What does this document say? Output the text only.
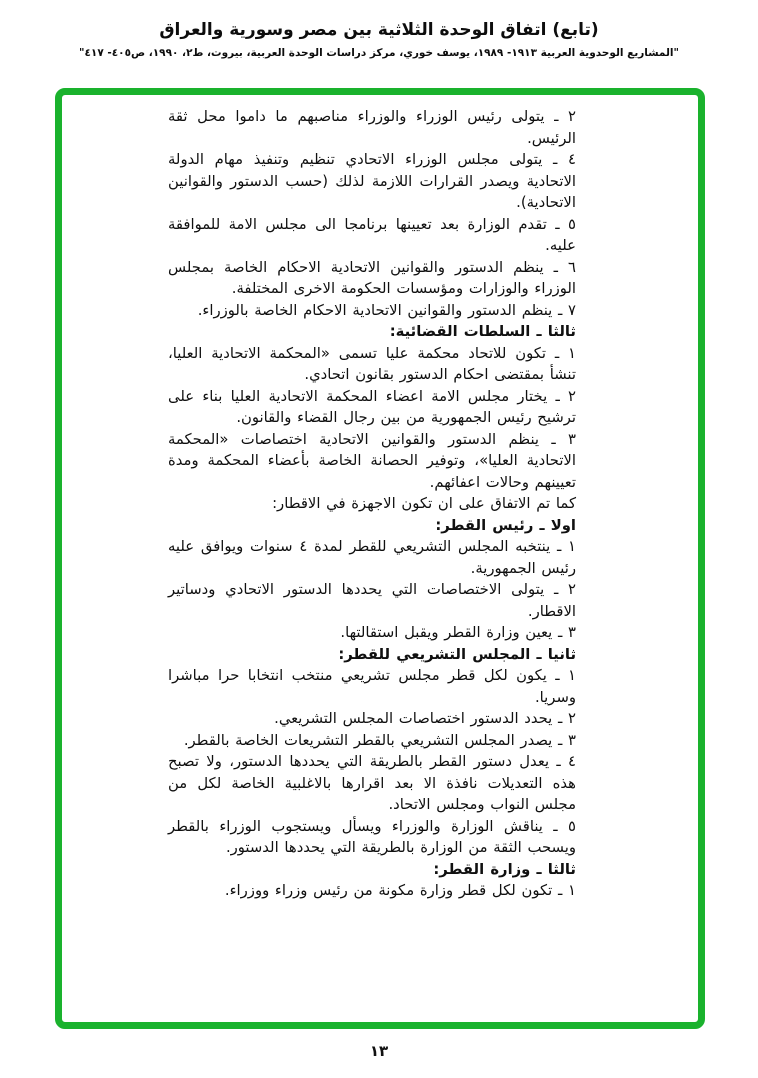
(تابع) اتفاق الوحدة الثلاثية بين مصر وسورية والعراق
"المشاريع الوحدوية العربية ١٩١٣- ١٩٨٩، يوسف خوري، مركز دراسات الوحدة العربية، بيروت، ط٢، ١٩٩٠، ص٤٠٥- ٤١٧"

٢ ـ يتولى رئيس الوزراء والوزراء مناصبهم ما داموا محل ثقة الرئيس.

٤ ـ يتولى مجلس الوزراء الاتحادي تنظيم وتنفيذ مهام الدولة الاتحادية ويصدر القرارات اللازمة لذلك (حسب الدستور والقوانين الاتحادية).

٥ ـ تقدم الوزارة بعد تعيينها برنامجا الى مجلس الامة للموافقة عليه.

٦ ـ ينظم الدستور والقوانين الاتحادية الاحكام الخاصة بمجلس الوزراء والوزارات ومؤسسات الحكومة الاخرى المختلفة.

٧ ـ ينظم الدستور والقوانين الاتحادية الاحكام الخاصة بالوزراء.

ثالثا ـ السلطات القضائية:

١ ـ تكون للاتحاد محكمة عليا تسمى «المحكمة الاتحادية العليا، تنشأ بمقتضى احكام الدستور بقانون اتحادي.

٢ ـ يختار مجلس الامة اعضاء المحكمة الاتحادية العليا بناء على ترشيح رئيس الجمهورية من بين رجال القضاء والقانون.

٣ ـ ينظم الدستور والقوانين الاتحادية اختصاصات «المحكمة الاتحادية العليا»، وتوفير الحصانة الخاصة بأعضاء المحكمة ومدة تعيينهم وحالات اعفائهم.

كما تم الاتفاق على ان تكون الاجهزة في الاقطار:

اولا ـ رئيس القطر:

١ ـ ينتخبه المجلس التشريعي للقطر لمدة ٤ سنوات ويوافق عليه رئيس الجمهورية.

٢ ـ يتولى الاختصاصات التي يحددها الدستور الاتحادي ودساتير الاقطار.

٣ ـ يعين وزارة القطر ويقبل استقالتها.

ثانيا ـ المجلس التشريعي للقطر:

١ ـ يكون لكل قطر مجلس تشريعي منتخب انتخابا حرا مباشرا وسريا.

٢ ـ يحدد الدستور اختصاصات المجلس التشريعي.

٣ ـ يصدر المجلس التشريعي بالقطر التشريعات الخاصة بالقطر.

٤ ـ يعدل دستور القطر بالطريقة التي يحددها الدستور، ولا تصبح هذه التعديلات نافذة الا بعد اقرارها بالاغلبية الخاصة لكل من مجلس النواب ومجلس الاتحاد.

٥ ـ يناقش الوزارة والوزراء ويسأل ويستجوب الوزراء بالقطر ويسحب الثقة من الوزارة بالطريقة التي يحددها الدستور.

ثالثا ـ وزارة القطر:

١ ـ تكون لكل قطر وزارة مكونة من رئيس وزراء ووزراء.

١٣
